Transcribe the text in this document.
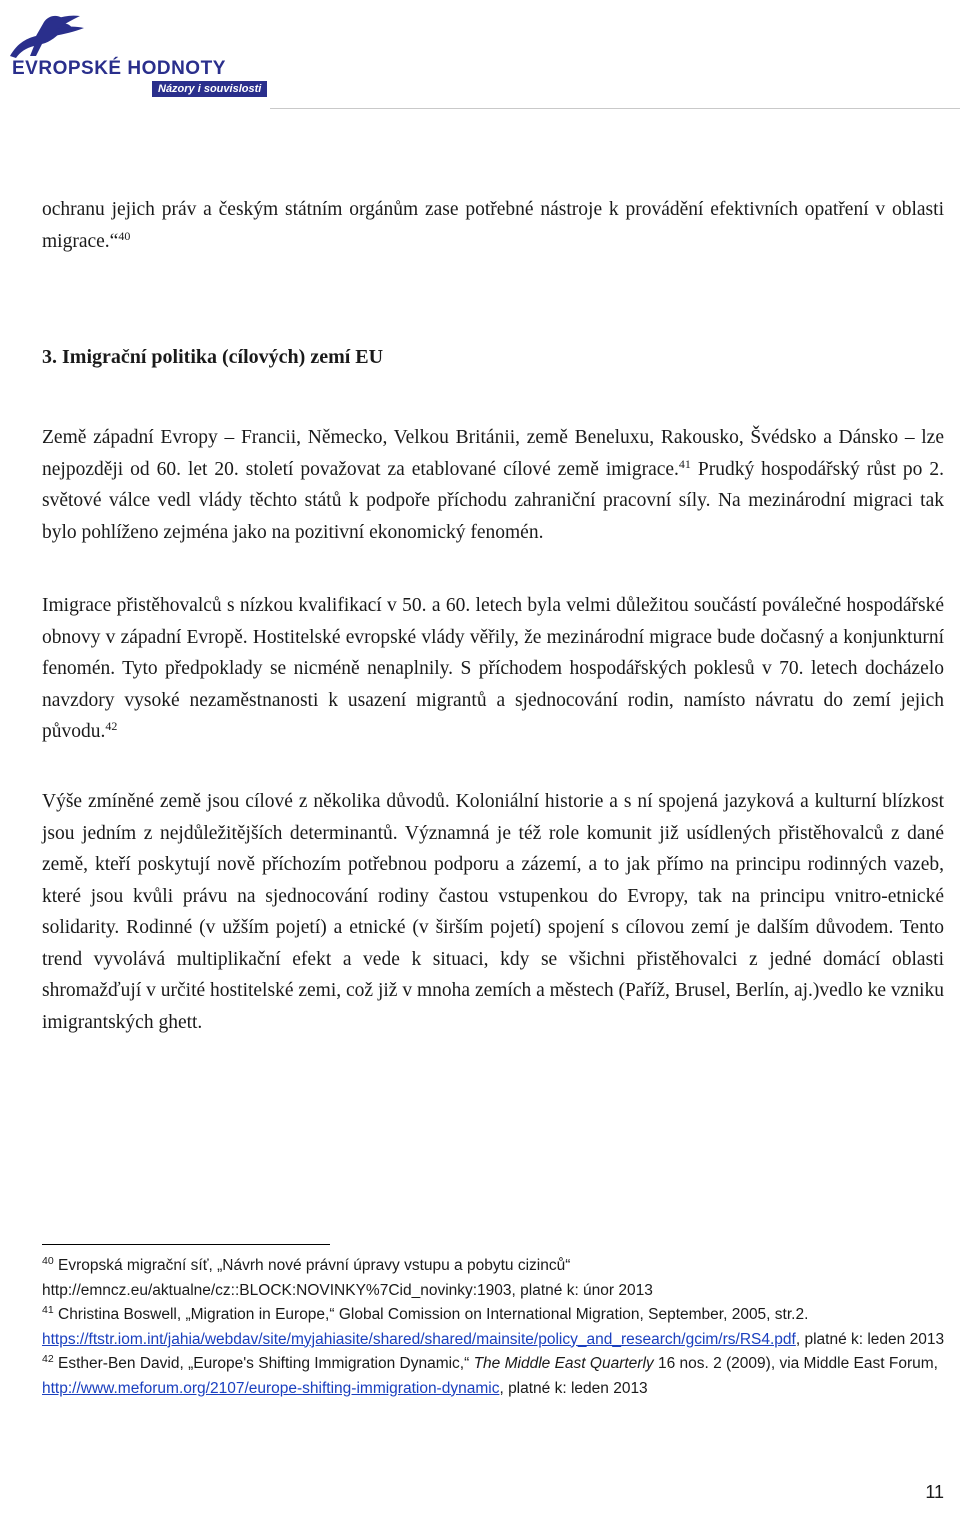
EVROPSKÉ HODNOTY
Názory i souvislosti

ochranu jejich práv a českým státním orgánům zase potřebné nástroje k provádění efektivních opatření v oblasti migrace.“$^{40}$

3. Imigrační politika (cílových) zemí EU

Země západní Evropy – Francii, Německo, Velkou Británii, země Beneluxu, Rakousko, Švédsko a Dánsko – lze nejpozději od 60. let 20. století považovat za etablované cílové země imigrace.$^{41}$ Prudký hospodářský růst po 2. světové válce vedl vlády těchto států k podpoře příchodu zahraniční pracovní síly. Na mezinárodní migraci tak bylo pohlíženo zejména jako na pozitivní ekonomický fenomén.

Imigrace přistěhovalců s nízkou kvalifikací v 50. a 60. letech byla velmi důležitou součástí poválečné hospodářské obnovy v západní Evropě. Hostitelské evropské vlády věřily, že mezinárodní migrace bude dočasný a konjunkturní fenomén. Tyto předpoklady se nicméně nenaplnily. S příchodem hospodářských poklesů v 70. letech docházelo navzdory vysoké nezaměstnanosti k usazení migrantů a sjednocování rodin, namísto návratu do zemí jejich původu.$^{42}$

Výše zmíněné země jsou cílové z několika důvodů. Koloniální historie a s ní spojená jazyková a kulturní blízkost jsou jedním z nejdůležitějších determinantů. Významná je též role komunit již usídlených přistěhovalců z dané země, kteří poskytují nově příchozím potřebnou podporu a zázemí, a to jak přímo na principu rodinných vazeb, které jsou kvůli právu na sjednocování rodiny častou vstupenkou do Evropy, tak na principu vnitro-etnické solidarity. Rodinné (v užším pojetí) a etnické (v širším pojetí) spojení s cílovou zemí je dalším důvodem. Tento trend vyvolává multiplikační efekt a vede k situaci, kdy se všichni přistěhovalci z jedné domácí oblasti shromažďují v určité hostitelské zemi, což již v mnoha zemích a městech (Paříž, Brusel, Berlín, aj.)vedlo ke vzniku imigrantských ghett.

$^{40}$ Evropská migrační síť, „Návrh nové právní úpravy vstupu a pobytu cizinců“ http://emncz.eu/aktualne/cz::BLOCK:NOVINKY%7Cid_novinky:1903, platné k: únor 2013

$^{41}$ Christina Boswell, „Migration in Europe,“ Global Comission on International Migration, September, 2005, str.2.
https://ftstr.iom.int/jahia/webdav/site/myjahiasite/shared/shared/mainsite/policy_and_research/gcim/rs/RS4.pdf, platné k: leden 2013

$^{42}$ Esther-Ben David, „Europe's Shifting Immigration Dynamic,“ The Middle East Quarterly 16 nos. 2 (2009), via Middle East Forum, http://www.meforum.org/2107/europe-shifting-immigration-dynamic, platné k: leden 2013

11
